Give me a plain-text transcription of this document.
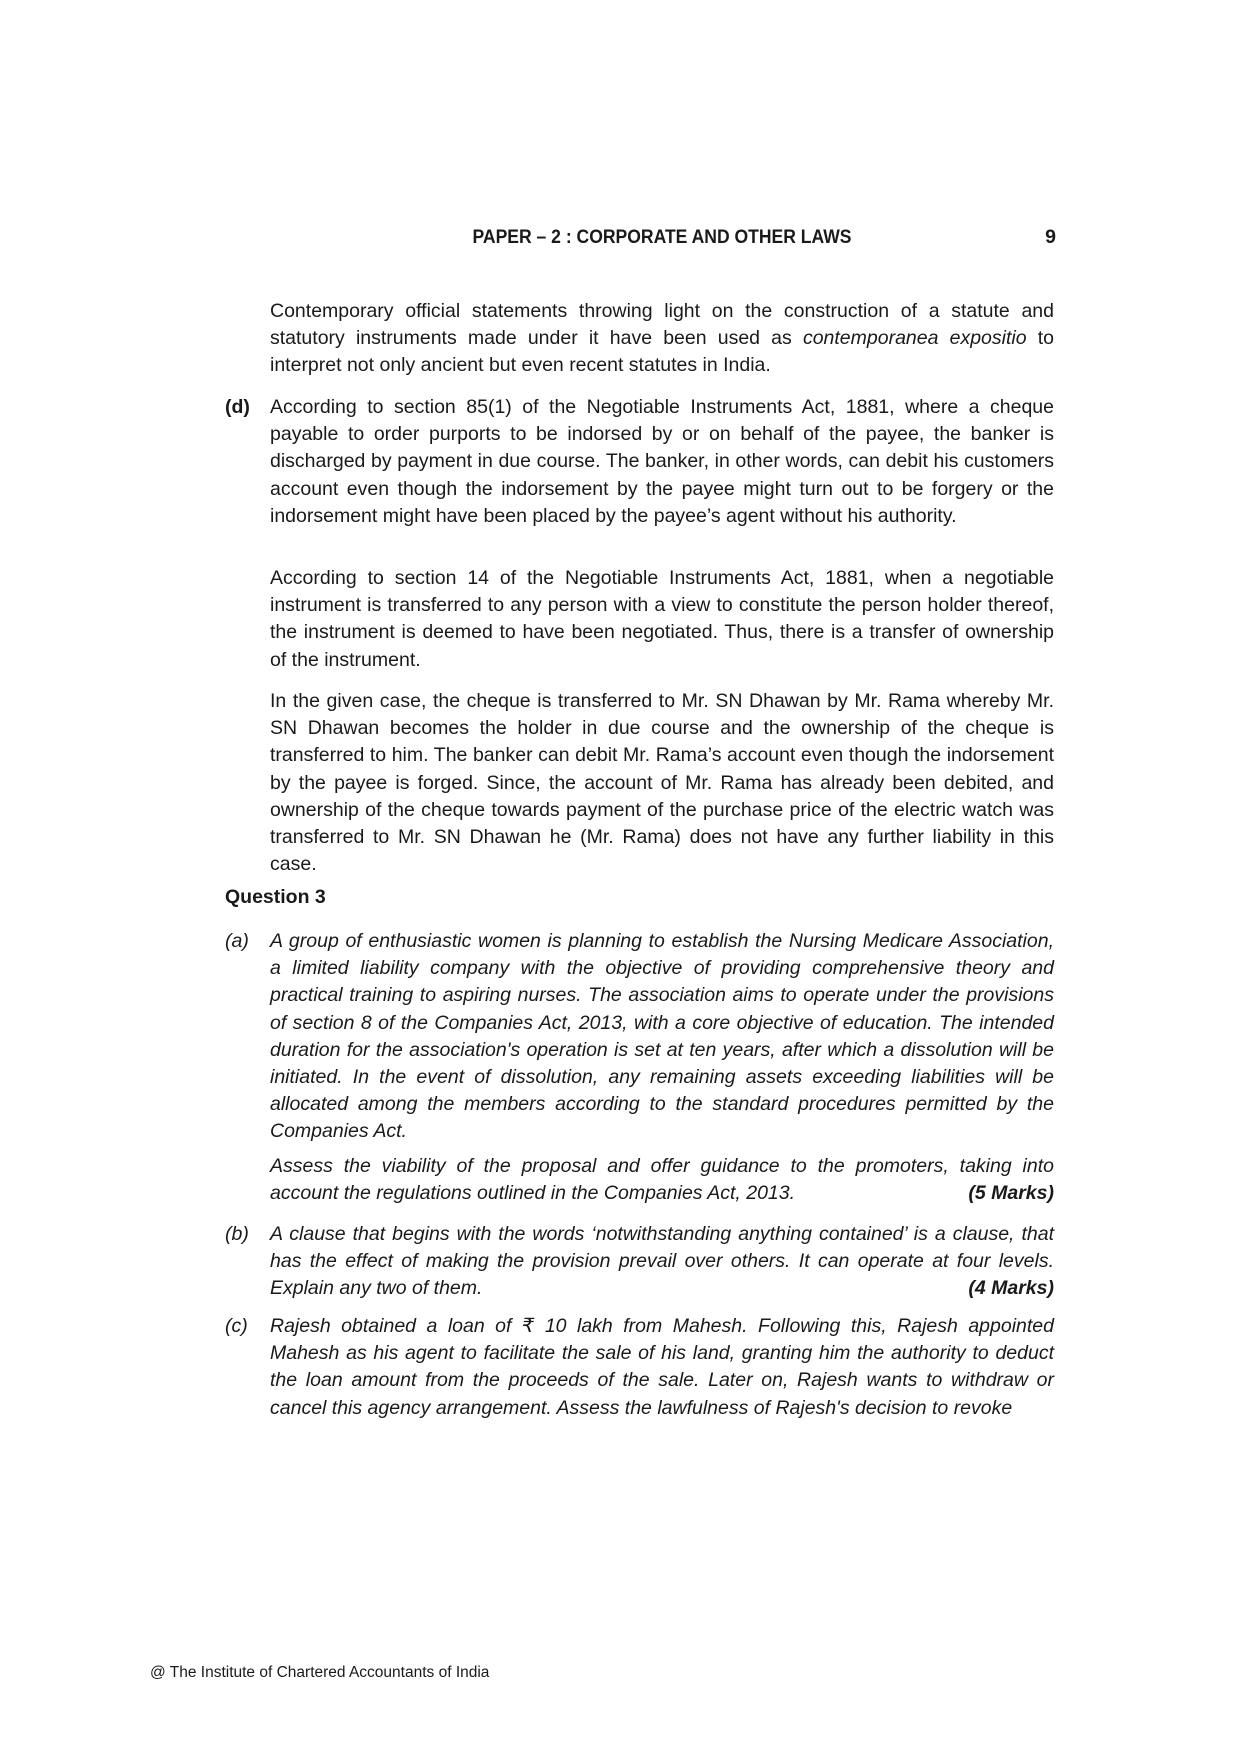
PAPER – 2 : CORPORATE AND OTHER LAWS	9

Contemporary official statements throwing light on the construction of a statute and statutory instruments made under it have been used as contemporanea expositio to interpret not only ancient but even recent statutes in India.

(d) According to section 85(1) of the Negotiable Instruments Act, 1881, where a cheque payable to order purports to be indorsed by or on behalf of the payee, the banker is discharged by payment in due course. The banker, in other words, can debit his customers account even though the indorsement by the payee might turn out to be forgery or the indorsement might have been placed by the payee’s agent without his authority.

According to section 14 of the Negotiable Instruments Act, 1881, when a negotiable instrument is transferred to any person with a view to constitute the person holder thereof, the instrument is deemed to have been negotiated. Thus, there is a transfer of ownership of the instrument.

In the given case, the cheque is transferred to Mr. SN Dhawan by Mr. Rama whereby Mr. SN Dhawan becomes the holder in due course and the ownership of the cheque is transferred to him. The banker can debit Mr. Rama’s account even though the indorsement by the payee is forged. Since, the account of Mr. Rama has already been debited, and ownership of the cheque towards payment of the purchase price of the electric watch was transferred to Mr. SN Dhawan he (Mr. Rama) does not have any further liability in this case.

Question 3
(a) A group of enthusiastic women is planning to establish the Nursing Medicare Association, a limited liability company with the objective of providing comprehensive theory and practical training to aspiring nurses. The association aims to operate under the provisions of section 8 of the Companies Act, 2013, with a core objective of education. The intended duration for the association's operation is set at ten years, after which a dissolution will be initiated. In the event of dissolution, any remaining assets exceeding liabilities will be allocated among the members according to the standard procedures permitted by the Companies Act.

Assess the viability of the proposal and offer guidance to the promoters, taking into account the regulations outlined in the Companies Act, 2013.	(5 Marks)

(b) A clause that begins with the words ‘notwithstanding anything contained’ is a clause, that has the effect of making the provision prevail over others. It can operate at four levels. Explain any two of them.	(4 Marks)

(c) Rajesh obtained a loan of ₹ 10 lakh from Mahesh. Following this, Rajesh appointed Mahesh as his agent to facilitate the sale of his land, granting him the authority to deduct the loan amount from the proceeds of the sale. Later on, Rajesh wants to withdraw or cancel this agency arrangement. Assess the lawfulness of Rajesh's decision to revoke

@ The Institute of Chartered Accountants of India
